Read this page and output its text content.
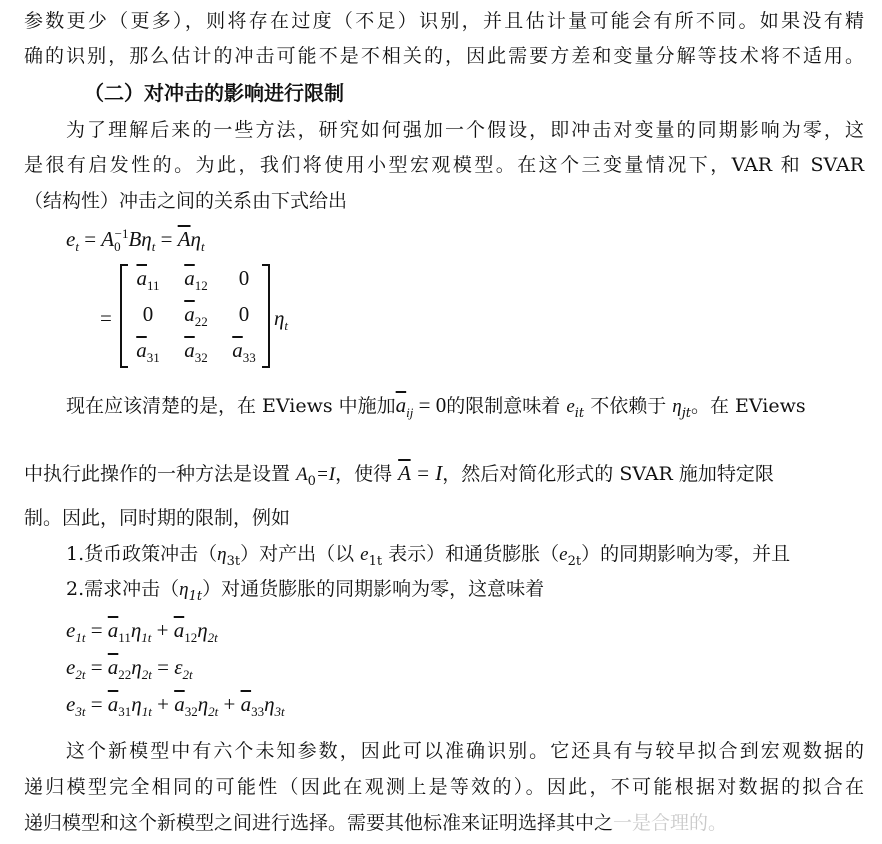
参数更少（更多），则将存在过度（不足）识别，并且估计量可能会有所不同。如果没有精
确的识别，那么估计的冲击可能不是不相关的，因此需要方差和变量分解等技术将不适用。
（二）对冲击的影响进行限制
为了理解后来的一些方法，研究如何强加一个假设，即冲击对变量的同期影响为零，这
是很有启发性的。为此，我们将使用小型宏观模型。在这个三变量情况下，VAR 和 SVAR
（结构性）冲击之间的关系由下式给出
$e_t = A_0^{-1}B\eta_t = \overline{A}\eta_t$
=
$\overline{a}_{11}$	$\overline{a}_{12}$	0
0	$\overline{a}_{22}$	0
$\overline{a}_{31}$	$\overline{a}_{32}$	$\overline{a}_{33}$
$\eta_t$
现在应该清楚的是，在 EViews 中施加$\overline{a}_{ij} = 0$的限制意味着 $e_{it}$ 不依赖于 $\eta_{jt}$。在 EViews
中执行此操作的一种方法是设置 $A_0=I$，使得 $\overline{A} = I$，然后对简化形式的 SVAR 施加特定限
制。因此，同时期的限制，例如
1.货币政策冲击$(\eta_{3t})$对产出（以 $e_{1t}$ 表示）和通货膨胀$(e_{2t})$的同期影响为零，并且
2.需求冲击$(\eta_{1t})$对通货膨胀的同期影响为零，这意味着
$e_{1t} = \overline{a}_{11}\eta_{1t} + \overline{a}_{12}\eta_{2t}$
$e_{2t} = \overline{a}_{22}\eta_{2t} = \varepsilon_{2t}$
$e_{3t} = \overline{a}_{31}\eta_{1t} + \overline{a}_{32}\eta_{2t} + \overline{a}_{33}\eta_{3t}$
这个新模型中有六个未知参数，因此可以准确识别。它还具有与较早拟合到宏观数据的
递归模型完全相同的可能性（因此在观测上是等效的）。因此，不可能根据对数据的拟合在
递归模型和这个新模型之间进行选择。需要其他标准来证明选择其中之一是合理的。
